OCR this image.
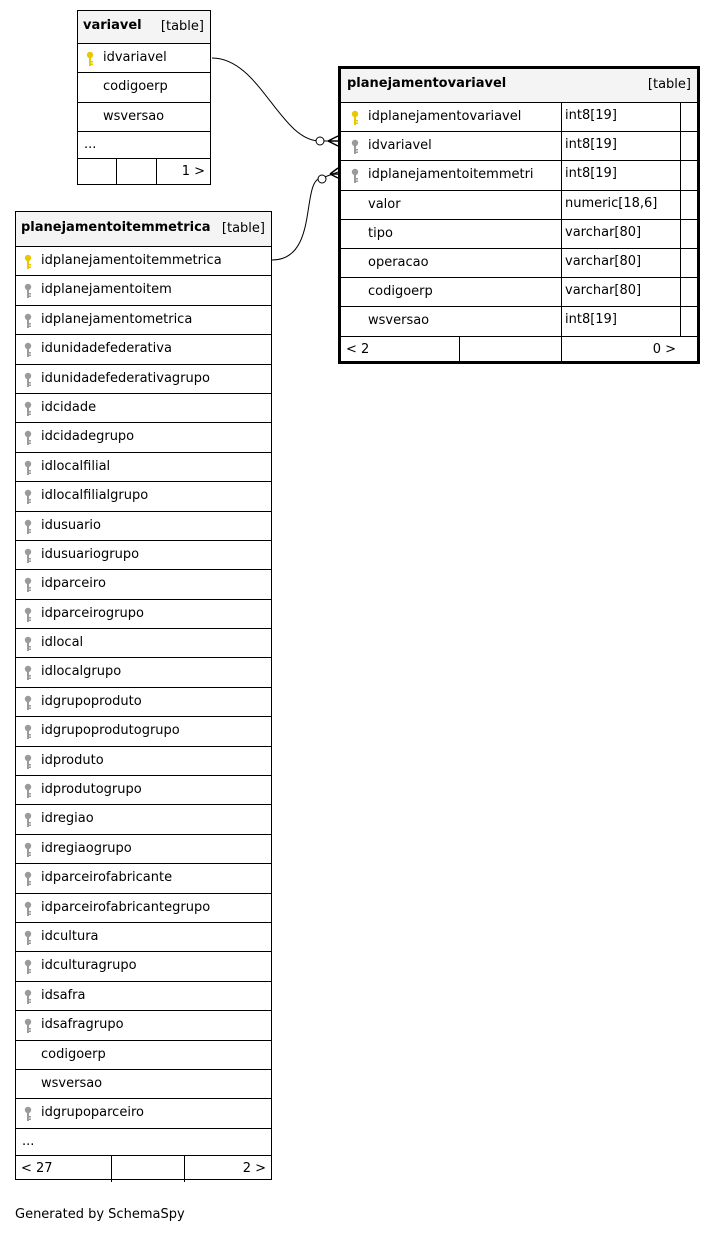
variavel [table]
idvariavel
codigoerp
wsversao
...
1 >
planejamentovariavel	[table]
idplanejamentovariavel	int8[19]
idvariavel	int8[19]
idplanejamentoitemmetri int8[19]
valor	numeric[18,6]
tipo	varchar[80]
operacao	varchar[80]
codigoerp	varchar[80]
wsversao	int8[19]
< 2	0 >
planejamentoitemmetrica [table]
idplanejamentoitemmetrica
idplanejamentoitem
idplanejamentometrica
idunidadefederativa
idunidadefederativagrupo
idcidade
idcidadegrupo
idlocalfilial
idlocalfilialgrupo
idusuario
idusuariogrupo
idparceiro
idparceirogrupo
idlocal
idlocalgrupo
idgrupoproduto
idgrupoprodutogrupo
idproduto
idprodutogrupo
idregiao
idregiaogrupo
idparceirofabricante
idparceirofabricantegrupo
idcultura
idculturagrupo
idsafra
idsafragrupo
codigoerp
wsversao
idgrupoparceiro
...
< 27	2 >
Generated by SchemaSpy
